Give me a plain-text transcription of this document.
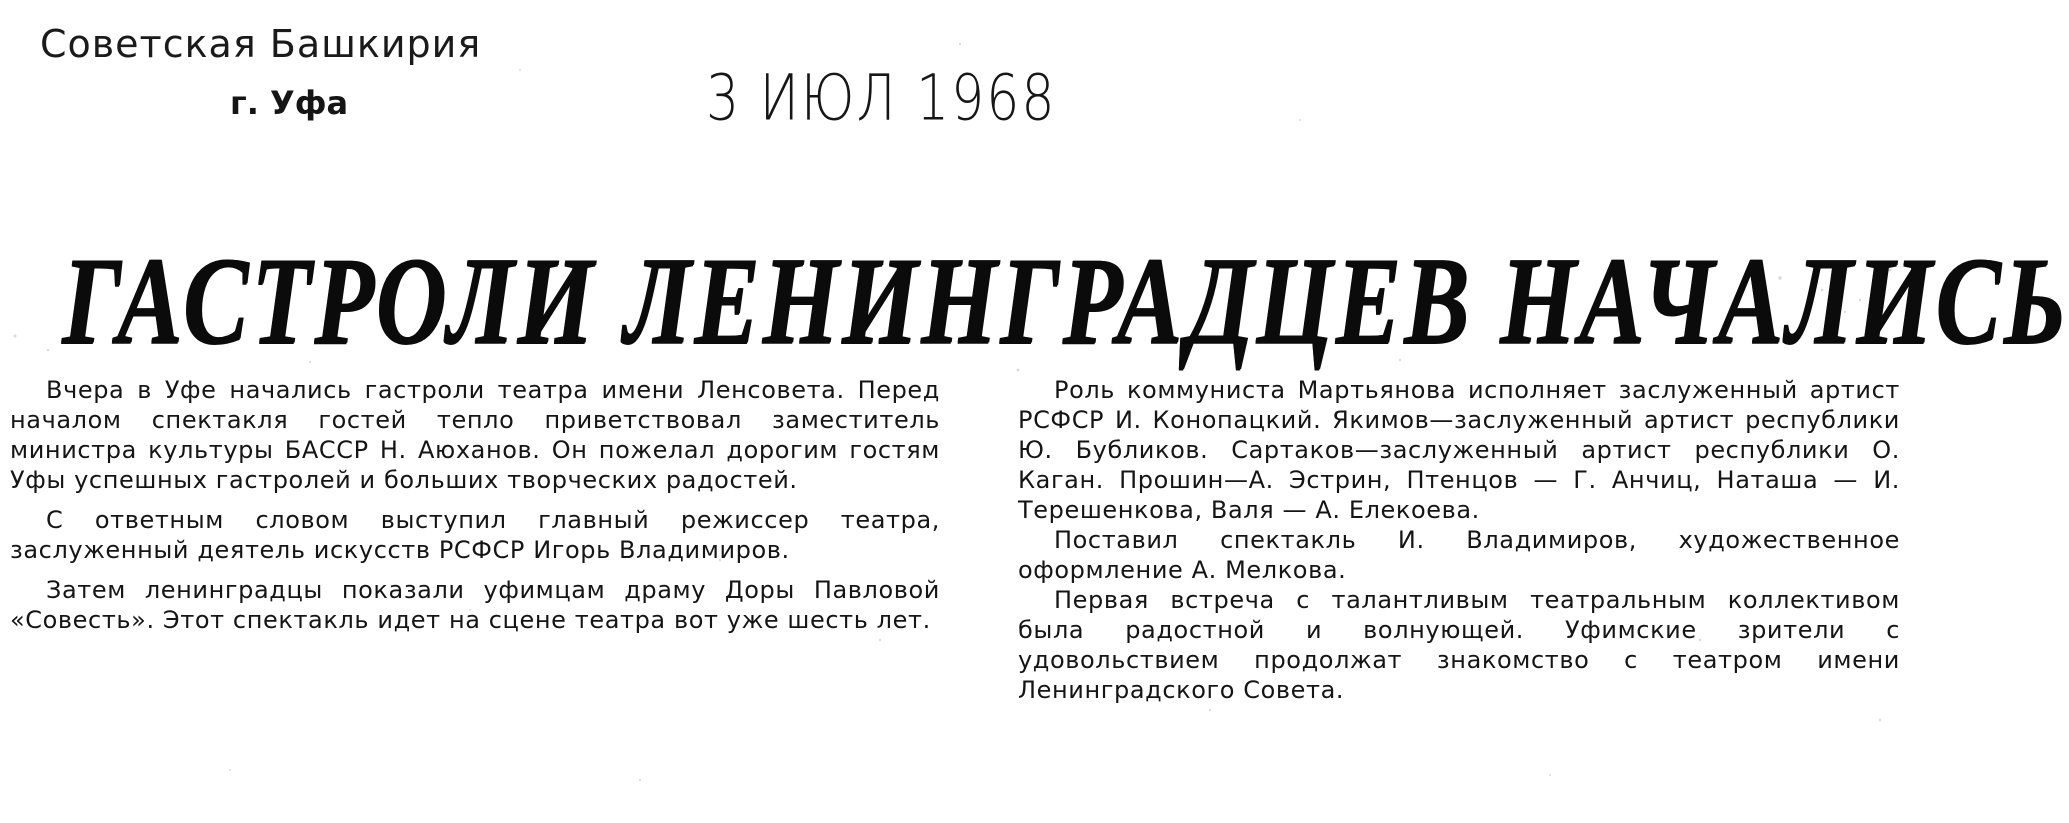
Советская Башкирия
г. Уфа	3 ИЮЛ 1968
ГАСТРОЛИ ЛЕНИНГРАДЦЕВ НАЧАЛИСЬ

Вчера в Уфе начались гастроли театра имени Ленсовета. Перед началом спектакля гостей тепло приветствовал заместитель министра культуры БАССР Н. Аюханов. Он пожелал дорогим гостям Уфы успешных гастролей и больших творческих радостей.

С ответным словом выступил главный режиссер театра, заслуженный деятель искусств РСФСР Игорь Владимиров.

Затем ленинградцы показали уфимцам драму Доры Павловой «Совесть». Этот спектакль идет на сцене театра вот уже шесть лет.

Роль коммуниста Мартьянова исполняет заслуженный артист РСФСР И. Конопацкий. Якимов—заслуженный артист республики Ю. Бубликов. Сартаков—заслуженный артист республики О. Каган. Прошин—А. Эстрин, Птенцов — Г. Анчиц, Наташа — И. Терешенкова, Валя — А. Елекоева.

Поставил спектакль И. Владимиров, художественное оформление А. Мелкова.

Первая встреча с талантливым театральным коллективом была радостной и волнующей. Уфимские зрители с удовольствием продолжат знакомство с театром имени Ленинградского Совета.
